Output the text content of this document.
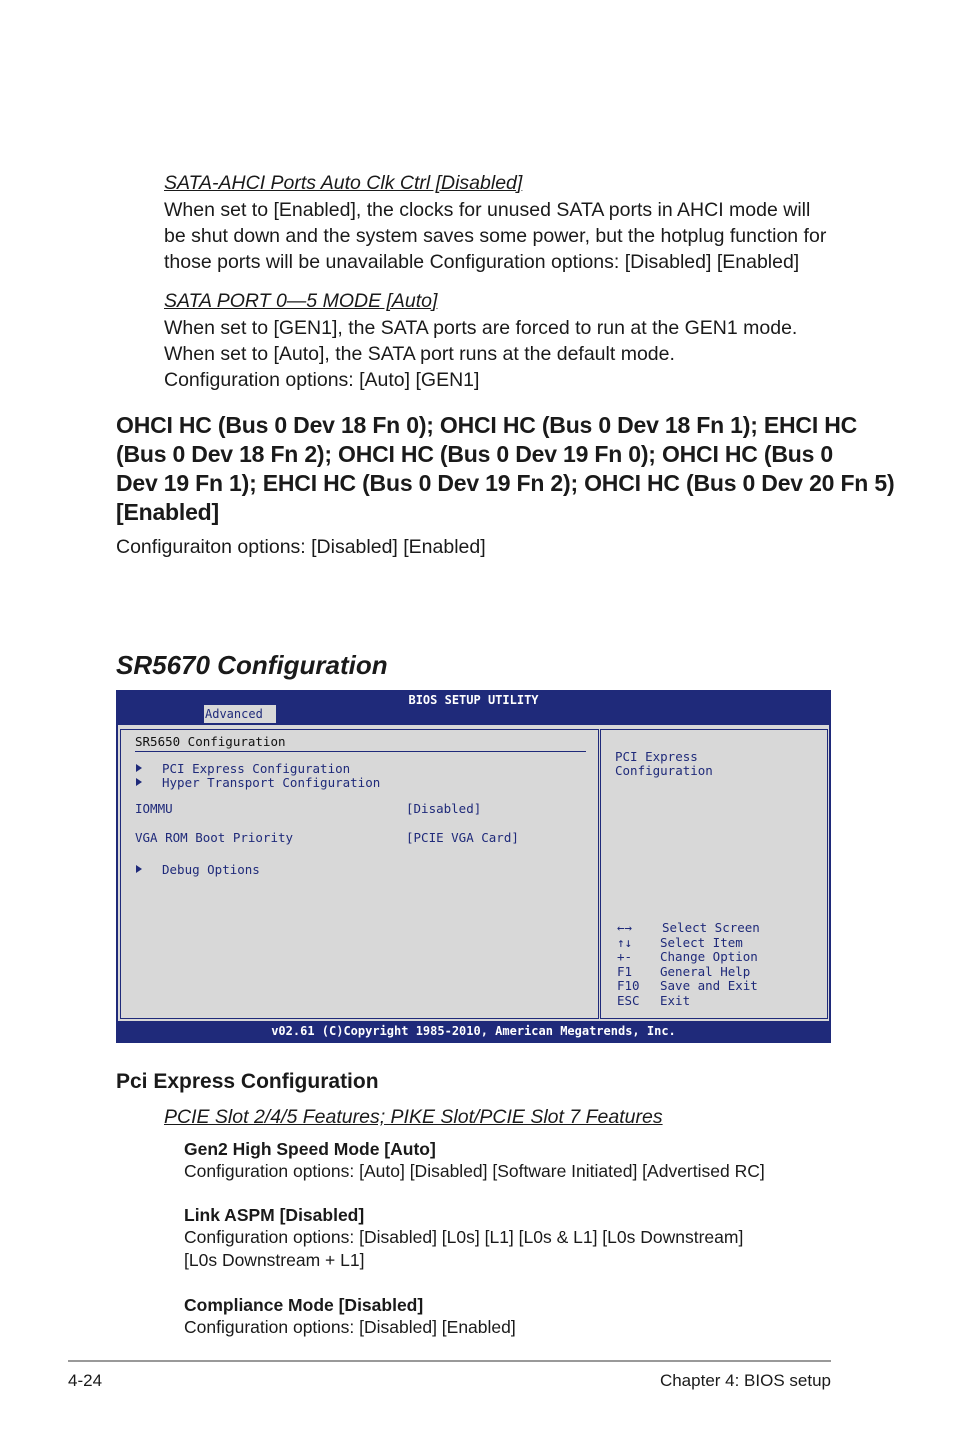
SATA-AHCI Ports Auto Clk Ctrl [Disabled]
When set to [Enabled], the clocks for unused SATA ports in AHCI mode will
be shut down and the system saves some power, but the hotplug function for
those ports will be unavailable Configuration options: [Disabled] [Enabled]
SATA PORT 0—5 MODE [Auto]
When set to [GEN1], the SATA ports are forced to run at the GEN1 mode.
When set to [Auto], the SATA port runs at the default mode.
Configuration options: [Auto] [GEN1]
OHCI HC (Bus 0 Dev 18 Fn 0); OHCI HC (Bus 0 Dev 18 Fn 1); EHCI HC
(Bus 0 Dev 18 Fn 2); OHCI HC (Bus 0 Dev 19 Fn 0); OHCI HC (Bus 0
Dev 19 Fn 1); EHCI HC (Bus 0 Dev 19 Fn 2); OHCI HC (Bus 0 Dev 20 Fn 5)
[Enabled]
Configuraiton options: [Disabled] [Enabled]
SR5670 Configuration
BIOS SETUP UTILITY
Advanced
SR5650 Configuration
PCI Express Configuration
Hyper Transport Configuration
IOMMU	[Disabled]
VGA ROM Boot Priority	[PCIE VGA Card]
Debug Options
PCI Express
Configuration
←→ Select Screen
↑↓ Select Item
+- Change Option
F1 General Help
F10 Save and Exit
ESC Exit
v02.61 (C)Copyright 1985-2010, American Megatrends, Inc.
Pci Express Configuration
PCIE Slot 2/4/5 Features; PIKE Slot/PCIE Slot 7 Features
Gen2 High Speed Mode [Auto]
Configuration options: [Auto] [Disabled] [Software Initiated] [Advertised RC]
Link ASPM [Disabled]
Configuration options: [Disabled] [L0s] [L1] [L0s & L1] [L0s Downstream]
[L0s Downstream + L1]
Compliance Mode [Disabled]
Configuration options: [Disabled] [Enabled]
4-24	Chapter 4: BIOS setup
